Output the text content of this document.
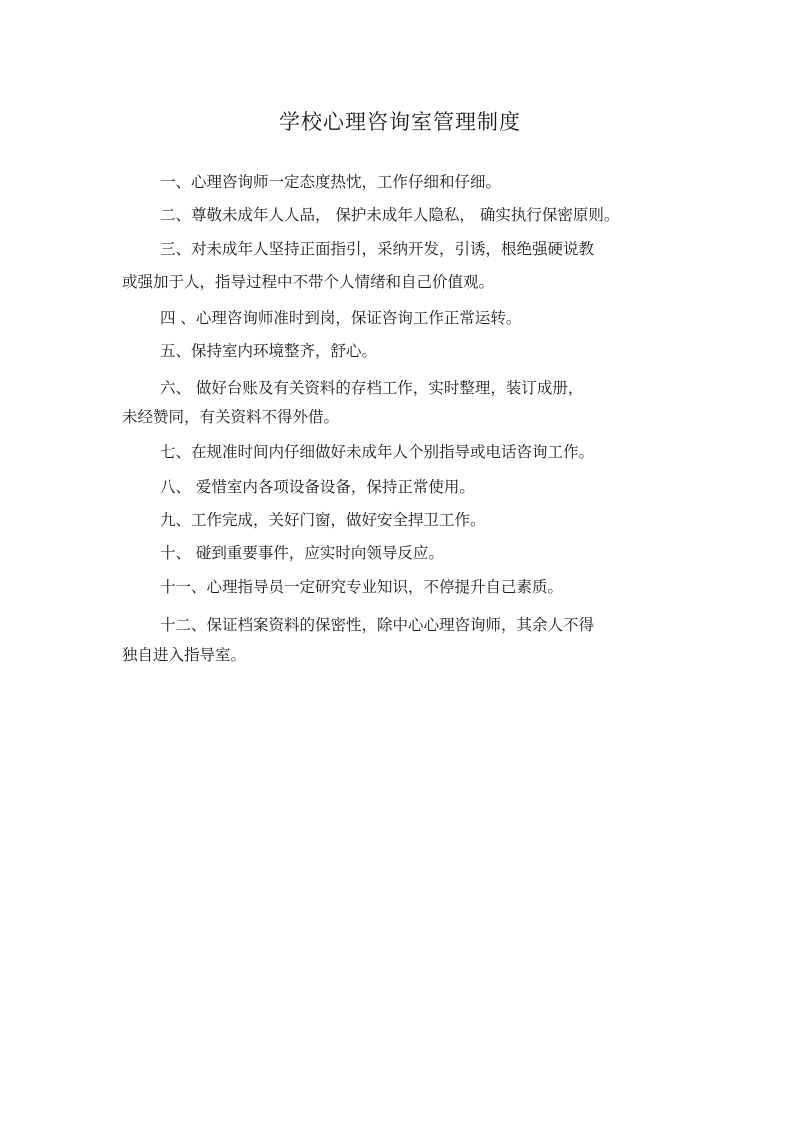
学校心理咨询室管理制度
一、心理咨询师一定态度热忱，工作仔细和仔细。
二、尊敬未成年人人品， 保护未成年人隐私， 确实执行保密原则。
三、对未成年人坚持正面指引，采纳开发，引诱，根绝强硬说教
或强加于人，指导过程中不带个人情绪和自己价值观。
四 、心理咨询师准时到岗，保证咨询工作正常运转。
五、保持室内环境整齐，舒心。
六、 做好台账及有关资料的存档工作，实时整理，装订成册，
未经赞同，有关资料不得外借。
七、在规准时间内仔细做好未成年人个别指导或电话咨询工作。
八、 爱惜室内各项设备设备，保持正常使用。
九、工作完成，关好门窗，做好安全捍卫工作。
十、 碰到重要事件，应实时向领导反应。
十一、心理指导员一定研究专业知识，不停提升自己素质。
十二、保证档案资料的保密性，除中心心理咨询师，其余人不得
独自进入指导室。
